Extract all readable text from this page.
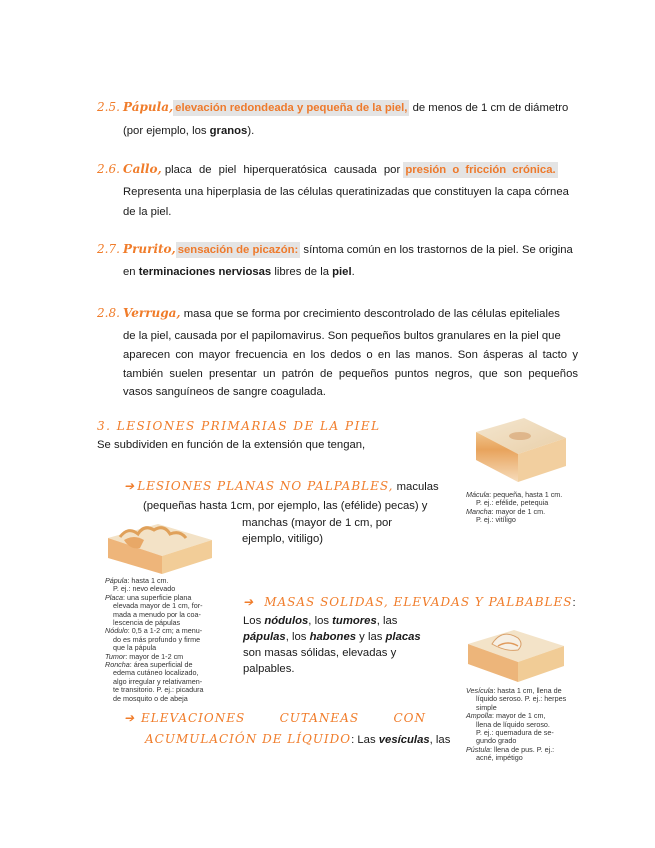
2.5. Pápula, elevación redondeada y pequeña de la piel, de menos de 1 cm de diámetro
(por ejemplo, los granos).
2.6. Callo, placa de piel hiperqueratósica causada por presión o fricción crónica.
Representa una hiperplasia de las células queratinizadas que constituyen la capa córnea
de la piel.
2.7. Prurito, sensación de picazón: síntoma común en los trastornos de la piel. Se origina
en terminaciones nerviosas libres de la piel.
2.8. Verruga, masa que se forma por crecimiento descontrolado de las células epiteliales
de la piel, causada por el papilomavirus. Son pequeños bultos granulares en la piel que
aparecen con mayor frecuencia en los dedos o en las manos. Son ásperas al tacto y
también suelen presentar un patrón de pequeños puntos negros, que son pequeños
vasos sanguíneos de sangre coagulada.
3. LESIONES PRIMARIAS DE LA PIEL
Se subdividen en función de la extensión que tengan,
Mácula: pequeña, hasta 1 cm.
P. ej.: efélide, petequia
Mancha: mayor de 1 cm.
P. ej.: vitíligo
➔ LESIONES PLANAS NO PALPABLES, maculas
(pequeñas hasta 1cm, por ejemplo, las (efélide) pecas) y
manchas (mayor de 1 cm, por
ejemplo, vitiligo)
Pápula: hasta 1 cm.
P. ej.: nevo elevado
Placa: una superficie plana
elevada mayor de 1 cm, for-
mada a menudo por la coa-
lescencia de pápulas
Nódulo: 0,5 a 1-2 cm; a menu-
do es más profundo y firme
que la pápula
Tumor: mayor de 1-2 cm
Roncha: área superficial de
edema cutáneo localizado,
algo irregular y relativamen-
te transitorio. P. ej.: picadura
de mosquito o de abeja
➔ MASAS SOLIDAS, ELEVADAS Y PALBABLES:
Los nódulos, los tumores, las
pápulas, los habones y las placas
son masas sólidas, elevadas y
palpables.
Vesícula: hasta 1 cm, llena de
líquido seroso. P. ej.: herpes
simple
Ampolla: mayor de 1 cm,
llena de líquido seroso.
P. ej.: quemadura de se-
gundo grado
Pústula: llena de pus. P. ej.:
acné, impétigo
➔ ELEVACIONES    CUTANEAS    CON
ACUMULACIÓN DE LÍQUIDO: Las vesículas, las
